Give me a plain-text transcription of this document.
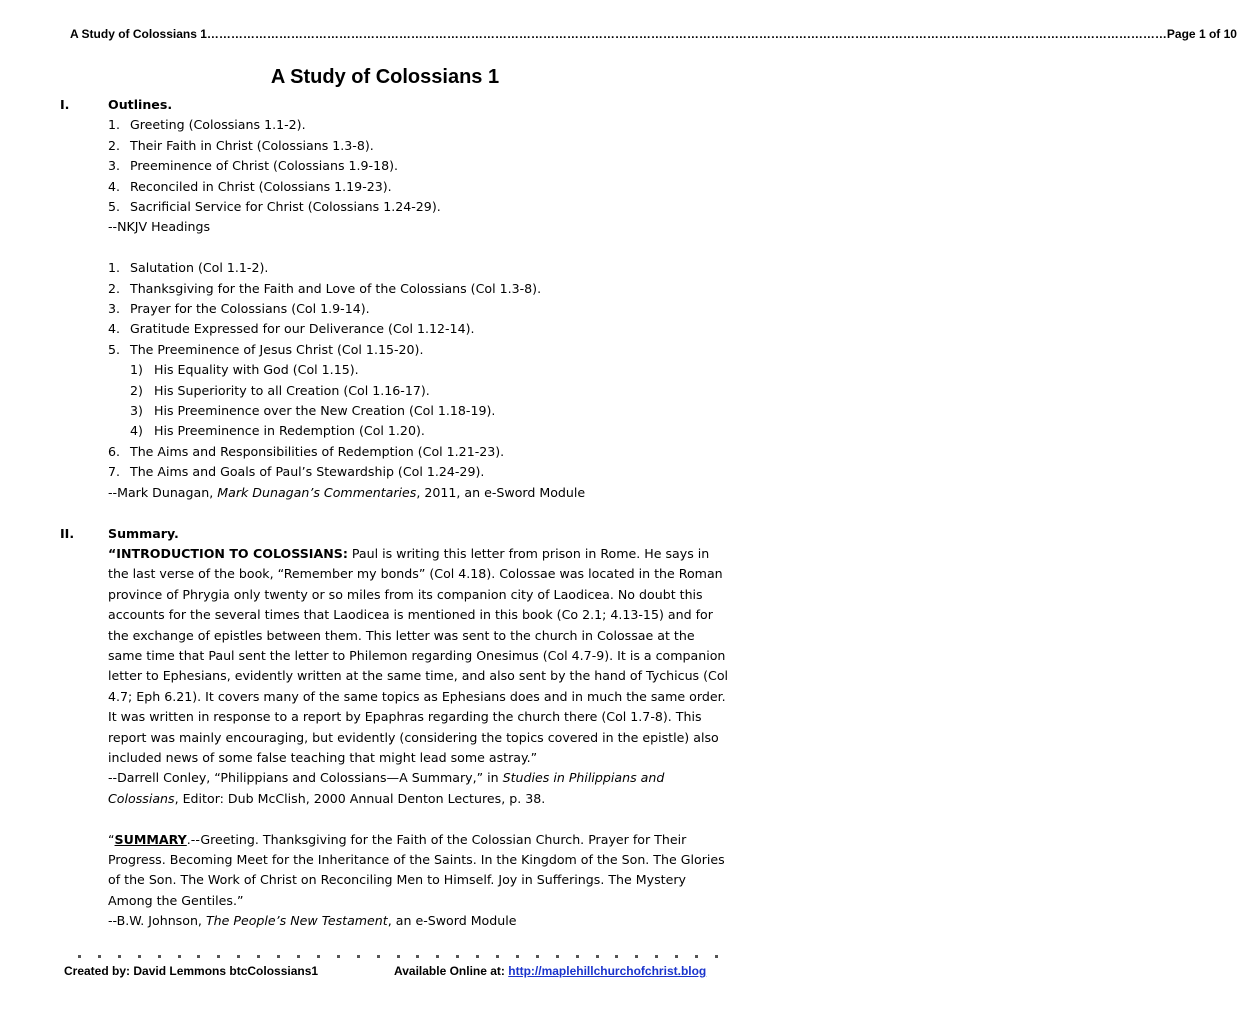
A Study of Colossians 1 …………………………………………………………………………………………………………………………………………………………………………………………………………………… Page 1 of 10
A Study of Colossians 1
I.	Outlines.
1. Greeting (Colossians 1.1-2).
2. Their Faith in Christ (Colossians 1.3-8).
3. Preeminence of Christ (Colossians 1.9-18).
4. Reconciled in Christ (Colossians 1.19-23).
5. Sacrificial Service for Christ (Colossians 1.24-29).
--NKJV Headings
1. Salutation (Col 1.1-2).
2. Thanksgiving for the Faith and Love of the Colossians (Col 1.3-8).
3. Prayer for the Colossians (Col 1.9-14).
4. Gratitude Expressed for our Deliverance (Col 1.12-14).
5. The Preeminence of Jesus Christ (Col 1.15-20).
1) His Equality with God (Col 1.15).
2) His Superiority to all Creation (Col 1.16-17).
3) His Preeminence over the New Creation (Col 1.18-19).
4) His Preeminence in Redemption (Col 1.20).
6. The Aims and Responsibilities of Redemption (Col 1.21-23).
7. The Aims and Goals of Paul’s Stewardship (Col 1.24-29).
--Mark Dunagan, Mark Dunagan’s Commentaries, 2011, an e-Sword Module
II.	Summary.

“INTRODUCTION TO COLOSSIANS: Paul is writing this letter from prison in Rome. He says in the last verse of the book, “Remember my bonds” (Col 4.18). Colossae was located in the Roman province of Phrygia only twenty or so miles from its companion city of Laodicea. No doubt this accounts for the several times that Laodicea is mentioned in this book (Co 2.1; 4.13-15) and for the exchange of epistles between them. This letter was sent to the church in Colossae at the same time that Paul sent the letter to Philemon regarding Onesimus (Col 4.7-9). It is a companion letter to Ephesians, evidently written at the same time, and also sent by the hand of Tychicus (Col 4.7; Eph 6.21). It covers many of the same topics as Ephesians does and in much the same order. It was written in response to a report by Epaphras regarding the church there (Col 1.7-8). This report was mainly encouraging, but evidently (considering the topics covered in the epistle) also included news of some false teaching that might lead some astray.”

--Darrell Conley, “Philippians and Colossians—A Summary,” in Studies in Philippians and Colossians, Editor: Dub McClish, 2000 Annual Denton Lectures, p. 38.

“SUMMARY.--Greeting. Thanksgiving for the Faith of the Colossian Church. Prayer for Their Progress. Becoming Meet for the Inheritance of the Saints. In the Kingdom of the Son. The Glories of the Son. The Work of Christ on Reconciling Men to Himself. Joy in Sufferings. The Mystery Among the Gentiles.”

--B.W. Johnson, The People’s New Testament, an e-Sword Module
Created by: David Lemmons btcColossians1	Available Online at: http://maplehillchurchofchrist.blog
